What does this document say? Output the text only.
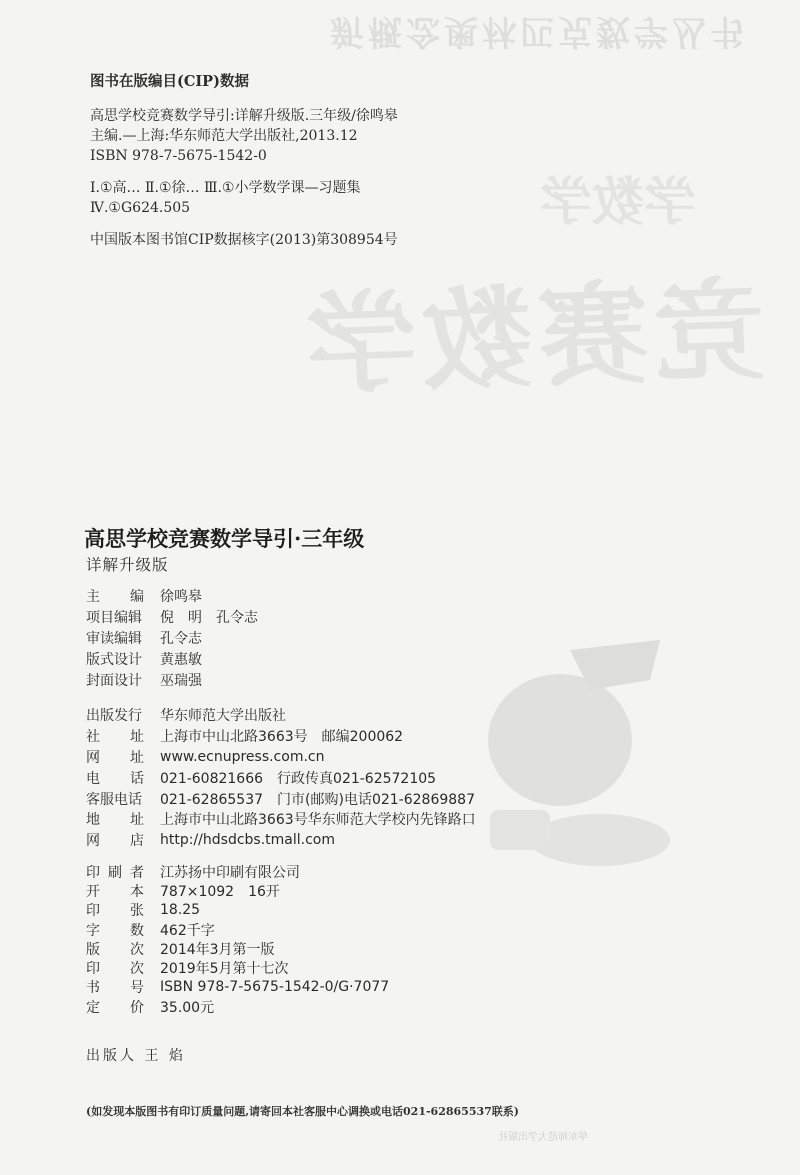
新概念奥林匹克数学丛书
学数学
竞赛数学
图书在版编目(CIP)数据
高思学校竞赛数学导引:详解升级版.三年级/徐鸣皋
主编.—上海:华东师范大学出版社,2013.12
ISBN 978-7-5675-1542-0
Ⅰ.①高… Ⅱ.①徐… Ⅲ.①小学数学课—习题集
Ⅳ.①G624.505
中国版本图书馆CIP数据核字(2013)第308954号
高思学校竞赛数学导引·三年级
详解升级版
主 编 徐鸣皋
项目编辑 倪　明　孔令志
审读编辑 孔令志
版式设计 黄惠敏
封面设计 巫瑞强
出版发行 华东师范大学出版社
社 址 上海市中山北路3663号　邮编200062
网 址 www.ecnupress.com.cn
电 话 021-60821666　行政传真021-62572105
客服电话 021-62865537　门市(邮购)电话021-62869887
地 址 上海市中山北路3663号华东师范大学校内先锋路口
网 店 http://hdsdcbs.tmall.com
印 刷 者 江苏扬中印刷有限公司
开 本 787×1092　16开
印 张 18.25
字 数 462千字
版 次 2014年3月第一版
印 次 2019年5月第十七次
书 号 ISBN 978-7-5675-1542-0/G·7077
定 价 35.00元
出版人 王 焰
(如发现本版图书有印订质量问题,请寄回本社客服中心调换或电话021-62865537联系)
华东师范大学出版社
